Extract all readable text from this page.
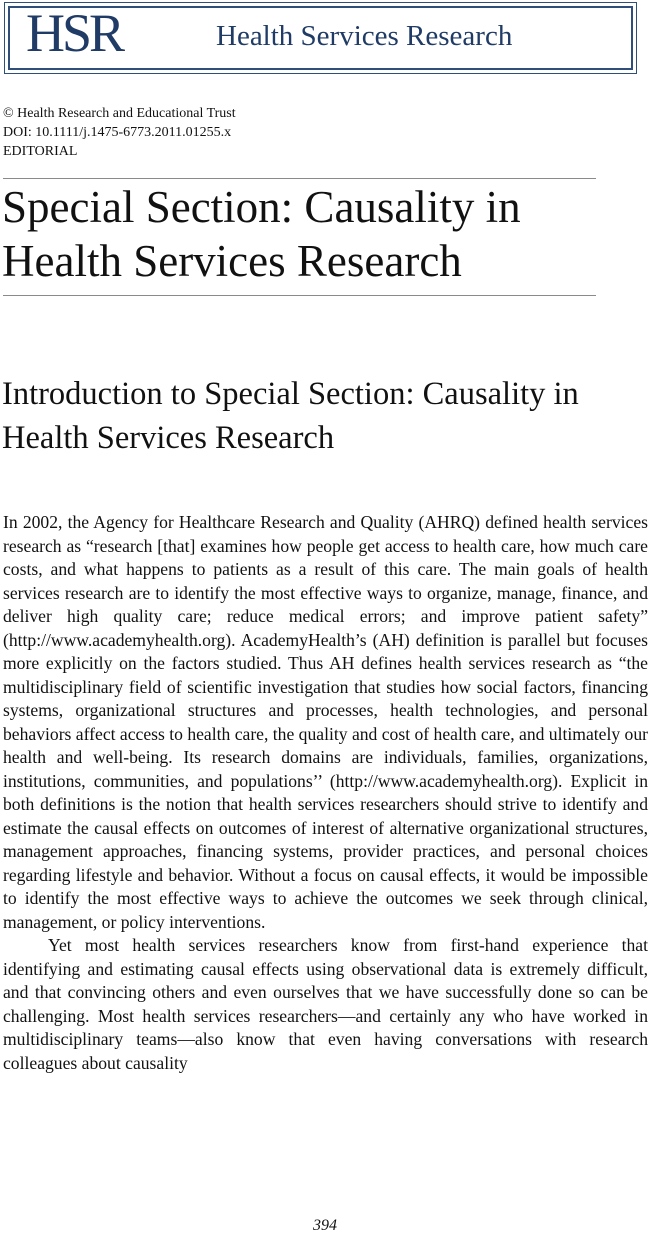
HSR	Health Services Research
© Health Research and Educational Trust
DOI: 10.1111/j.1475-6773.2011.01255.x
EDITORIAL
Special Section: Causality in Health Services Research
Introduction to Special Section: Causality in Health Services Research

In 2002, the Agency for Healthcare Research and Quality (AHRQ) defined health services research as “research [that] examines how people get access to health care, how much care costs, and what happens to patients as a result of this care. The main goals of health services research are to identify the most effective ways to organize, manage, finance, and deliver high quality care; reduce medical errors; and improve patient safety” (http://www.academyhealth.org). AcademyHealth’s (AH) definition is parallel but focuses more explicitly on the factors studied. Thus AH defines health services research as “the multidisciplinary field of scientific investigation that studies how social factors, financing systems, organizational structures and processes, health technologies, and personal behaviors affect access to health care, the quality and cost of health care, and ultimately our health and well-being. Its research domains are individuals, families, organizations, institutions, communities, and populations’’ (http://www.academyhealth.org). Explicit in both definitions is the notion that health services researchers should strive to identify and estimate the causal effects on outcomes of interest of alternative organizational structures, management approaches, financing systems, provider practices, and personal choices regarding lifestyle and behavior. Without a focus on causal effects, it would be impossible to identify the most effective ways to achieve the outcomes we seek through clinical, management, or policy interventions.

Yet most health services researchers know from first-hand experience that identifying and estimating causal effects using observational data is extremely difficult, and that convincing others and even ourselves that we have successfully done so can be challenging. Most health services researchers—and certainly any who have worked in multidisciplinary teams—also know that even having conversations with research colleagues about causality

394
